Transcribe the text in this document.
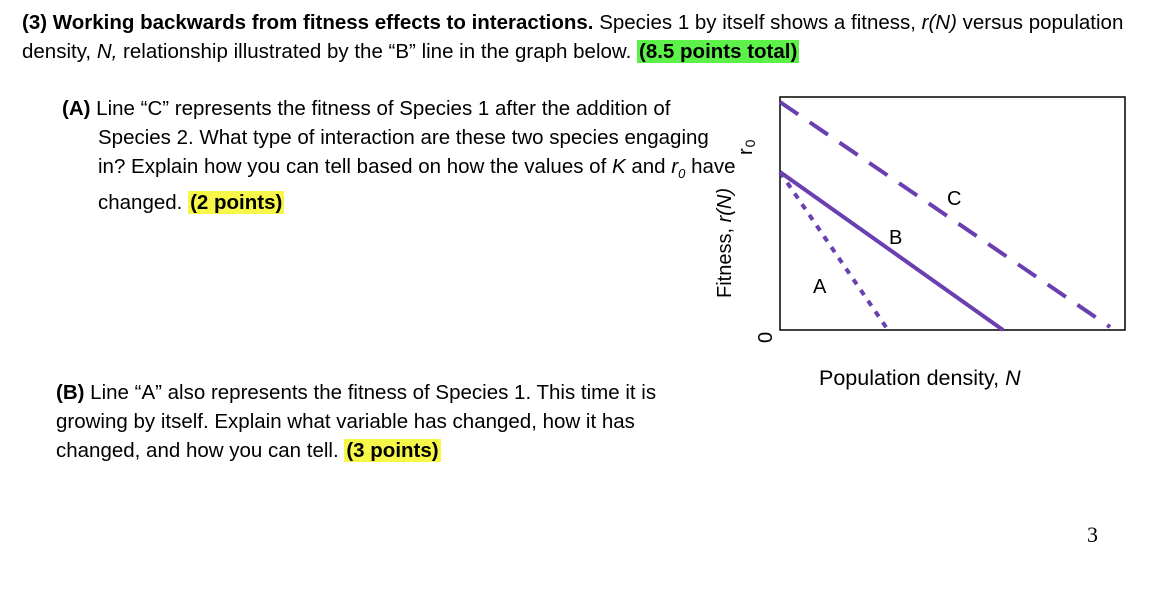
(3) Working backwards from fitness effects to interactions. Species 1 by itself shows a fitness, r(N) versus population density, N, relationship illustrated by the “B” line in the graph below. (8.5 points total)
(A) Line “C” represents the fitness of Species 1 after the addition of Species 2. What type of interaction are these two species engaging in? Explain how you can tell based on how the values of K and $r_0$ have changed. (2 points)
(B) Line “A” also represents the fitness of Species 1. This time it is growing by itself. Explain what variable has changed, how it has changed, and how you can tell. (3 points)
A
B
C
r0
0
Fitness, r(N)
Population density, N
3
